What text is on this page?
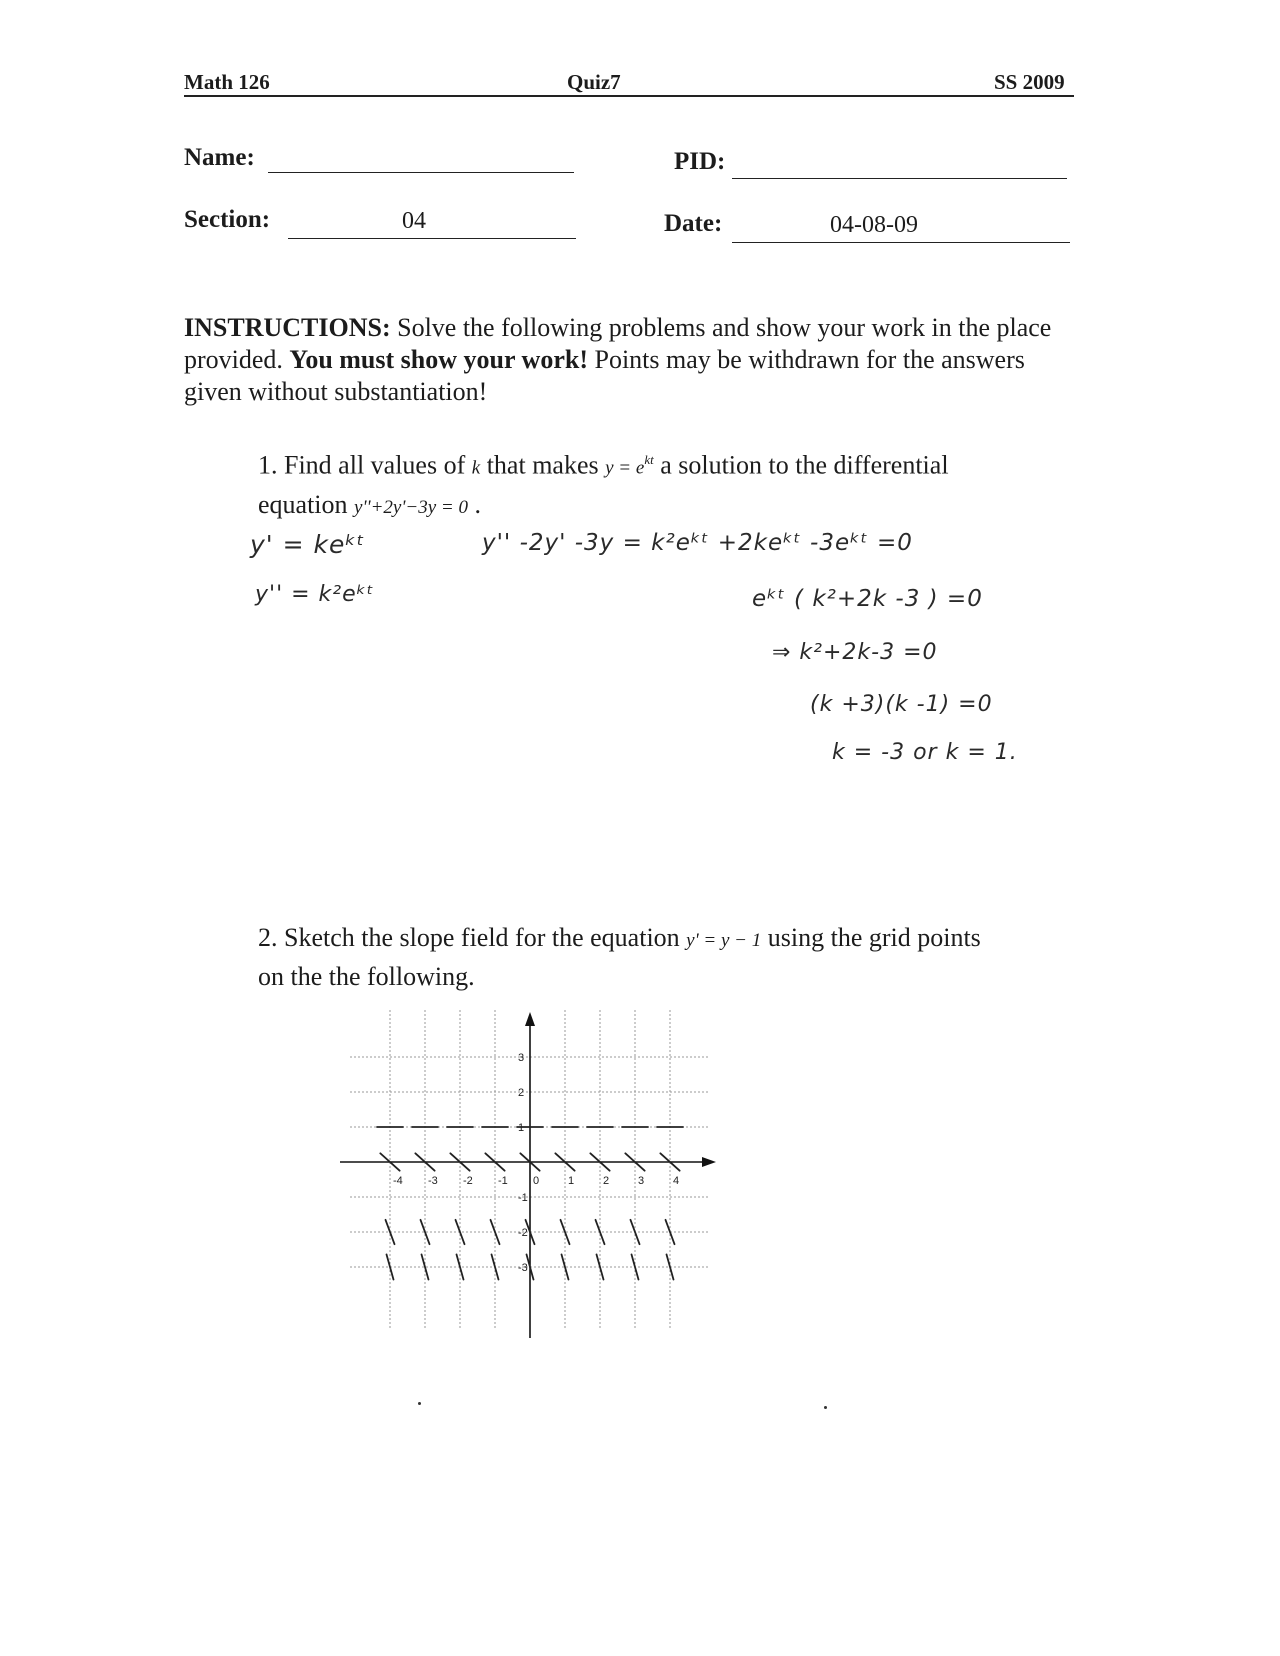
Math 126	Quiz7	SS 2009
Name:	PID:
Section:	04	Date:	04-08-09
INSTRUCTIONS: Solve the following problems and show your work in the place provided. You must show your work! Points may be withdrawn for the answers given without substantiation!
1. Find all values of k that makes $y = e^{kt}$ a solution to the differential
equation y''+2y'−3y = 0 .
y' = keᵏᵗ
y'' = k²eᵏᵗ
y'' -2y' -3y = k²eᵏᵗ +2keᵏᵗ -3eᵏᵗ =0
eᵏᵗ ( k²+2k -3 ) =0
⇒ k²+2k-3 =0
(k +3)(k -1) =0
k = -3 or k = 1.
2. Sketch the slope field for the equation y' = y − 1 using the grid points
on the the following.
-4 -3 -2 -1 0	1	2	3	4
3
2
1
-1
-2
-3
